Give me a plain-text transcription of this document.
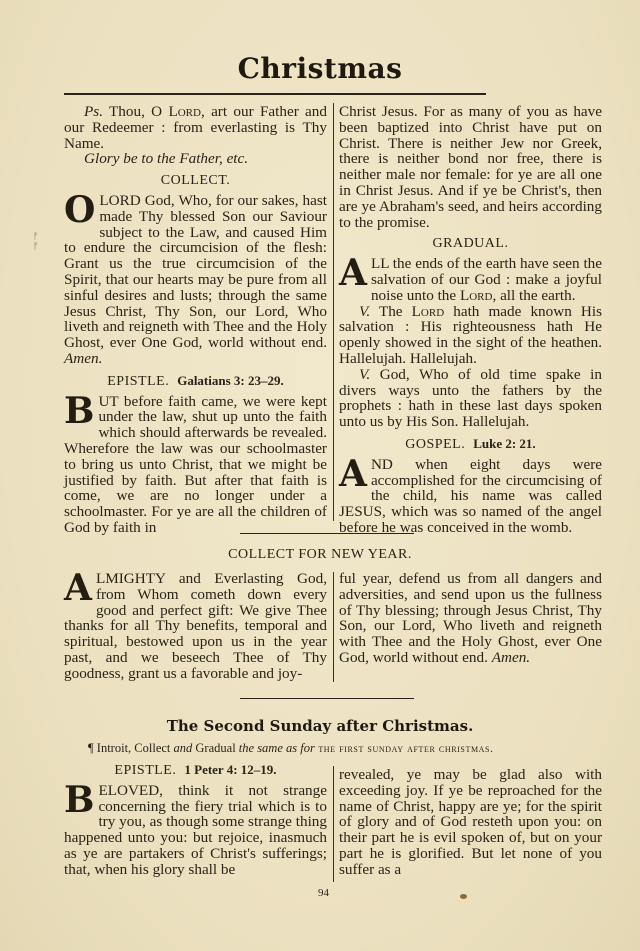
Christmas
ᚠ
ᚠ

Ps. Thou, O Lord, art our Father and our Redeemer : from everlasting is Thy Name.

Glory be to the Father, etc.

COLLECT.

OLORD God, Who, for our sakes, hast made Thy blessed Son our Saviour subject to the Law, and caused Him to endure the circumcision of the flesh: Grant us the true circumcision of the Spirit, that our hearts may be pure from all sinful desires and lusts; through the same Jesus Christ, Thy Son, our Lord, Who liveth and reigneth with Thee and the Holy Ghost, ever One God, world without end. Amen.

EPISTLE. Galatians 3: 23–29.

BUT before faith came, we were kept under the law, shut up unto the faith which should afterwards be revealed. Wherefore the law was our schoolmaster to bring us unto Christ, that we might be justified by faith. But after that faith is come, we are no longer under a schoolmaster. For ye are all the children of God by faith in

Christ Jesus. For as many of you as have been baptized into Christ have put on Christ. There is neither Jew nor Greek, there is neither bond nor free, there is neither male nor female: for ye are all one in Christ Jesus. And if ye be Christ's, then are ye Abraham's seed, and heirs according to the promise.

GRADUAL.

ALL the ends of the earth have seen the salvation of our God : make a joyful noise unto the Lord, all the earth.

V. The Lord hath made known His salvation : His righteousness hath He openly showed in the sight of the heathen. Hallelujah. Hallelujah.

V. God, Who of old time spake in divers ways unto the fathers by the prophets : hath in these last days spoken unto us by His Son. Hallelujah.

GOSPEL. Luke 2: 21.

AND when eight days were accomplished for the circumcising of the child, his name was called JESUS, which was so named of the angel before he was conceived in the womb.

COLLECT FOR NEW YEAR.

ALMIGHTY and Everlasting God, from Whom cometh down every good and perfect gift: We give Thee thanks for all Thy benefits, temporal and spiritual, bestowed upon us in the year past, and we beseech Thee of Thy goodness, grant us a favorable and joy-

ful year, defend us from all dangers and adversities, and send upon us the fullness of Thy blessing; through Jesus Christ, Thy Son, our Lord, Who liveth and reigneth with Thee and the Holy Ghost, ever One God, world without end. Amen.

The Second Sunday after Christmas.
¶ Introit, Collect and Gradual the same as for the first sunday after christmas.
EPISTLE. 1 Peter 4: 12–19.

BELOVED, think it not strange concerning the fiery trial which is to try you, as though some strange thing happened unto you: but rejoice, inasmuch as ye are partakers of Christ's sufferings; that, when his glory shall be

revealed, ye may be glad also with exceeding joy. If ye be reproached for the name of Christ, happy are ye; for the spirit of glory and of God resteth upon you: on their part he is evil spoken of, but on your part he is glorified. But let none of you suffer as a

94
